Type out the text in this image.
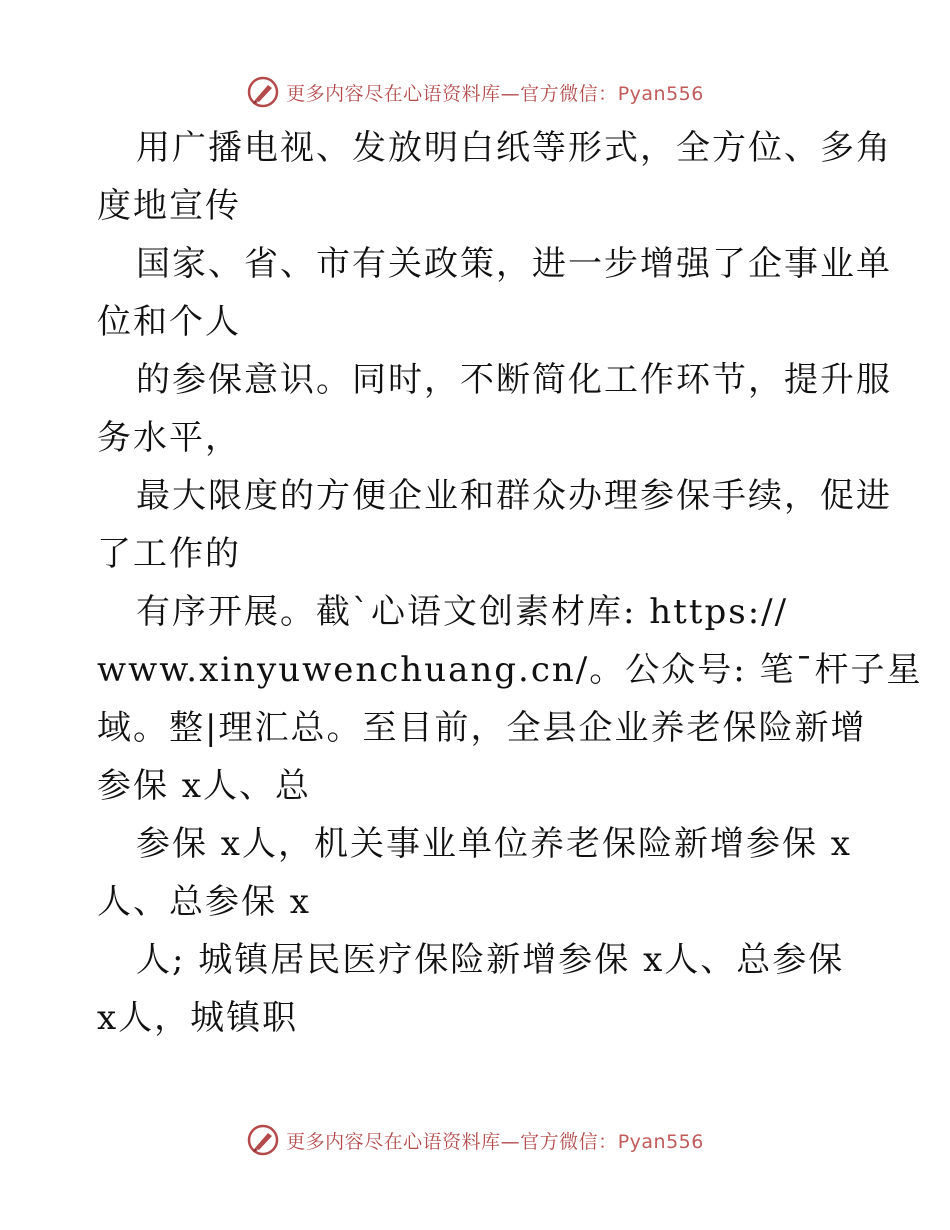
更多内容尽在心语资料库—官方微信：Pyan556
用广播电视、发放明白纸等形式，全方位、多角
度地宣传
国家、省、市有关政策，进一步增强了企事业单
位和个人
的参保意识。同时，不断简化工作环节，提升服
务水平，
最大限度的方便企业和群众办理参保手续，促进
了工作的
有序开展。截ˋ心语文创素材库: https://
www.xinyuwenchuang.cn/。公众号: 笔¯杆子星
域。整|理汇总。至目前，全县企业养老保险新增
参保 x人、总
参保 x人，机关事业单位养老保险新增参保 x
人、总参保 x
人; 城镇居民医疗保险新增参保 x人、总参保
x人，城镇职
更多内容尽在心语资料库—官方微信：Pyan556
